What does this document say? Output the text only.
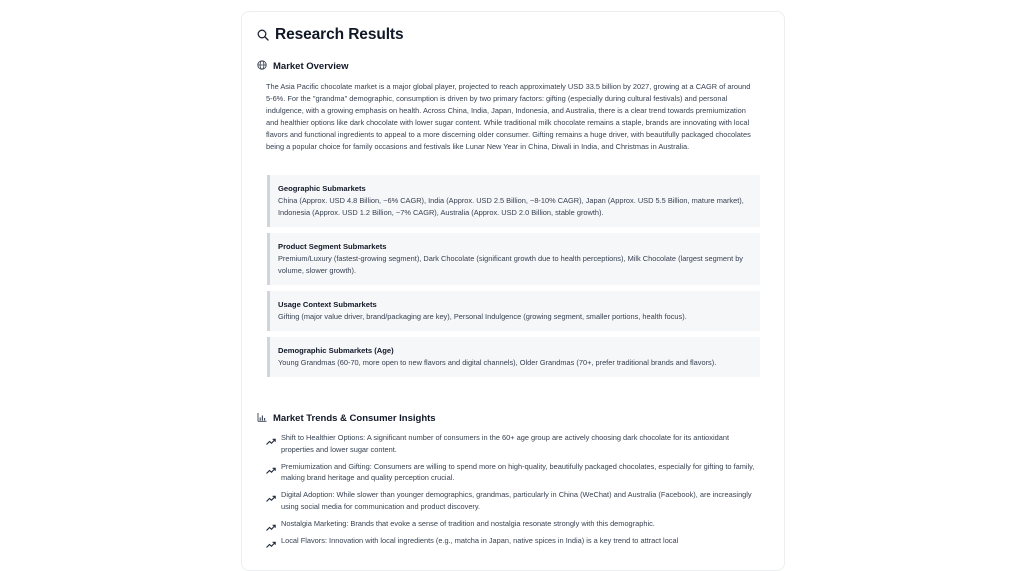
Research Results
Market Overview

The Asia Pacific chocolate market is a major global player, projected to reach approximately USD 33.5 billion by 2027, growing at a CAGR of around 5-6%. For the "grandma" demographic, consumption is driven by two primary factors: gifting (especially during cultural festivals) and personal indulgence, with a growing emphasis on health. Across China, India, Japan, Indonesia, and Australia, there is a clear trend towards premiumization and healthier options like dark chocolate with lower sugar content. While traditional milk chocolate remains a staple, brands are innovating with local flavors and functional ingredients to appeal to a more discerning older consumer. Gifting remains a huge driver, with beautifully packaged chocolates being a popular choice for family occasions and festivals like Lunar New Year in China, Diwali in India, and Christmas in Australia.

Geographic Submarkets
China (Approx. USD 4.8 Billion, ~6% CAGR), India (Approx. USD 2.5 Billion, ~8-10% CAGR), Japan (Approx. USD 5.5 Billion, mature market), Indonesia (Approx. USD 1.2 Billion, ~7% CAGR), Australia (Approx. USD 2.0 Billion, stable growth).
Product Segment Submarkets
Premium/Luxury (fastest-growing segment), Dark Chocolate (significant growth due to health perceptions), Milk Chocolate (largest segment by volume, slower growth).
Usage Context Submarkets
Gifting (major value driver, brand/packaging are key), Personal Indulgence (growing segment, smaller portions, health focus).
Demographic Submarkets (Age)
Young Grandmas (60-70, more open to new flavors and digital channels), Older Grandmas (70+, prefer traditional brands and flavors).
Market Trends & Consumer Insights
Shift to Healthier Options: A significant number of consumers in the 60+ age group are actively choosing dark chocolate for its antioxidant properties and lower sugar content.
Premiumization and Gifting: Consumers are willing to spend more on high-quality, beautifully packaged chocolates, especially for gifting to family, making brand heritage and quality perception crucial.
Digital Adoption: While slower than younger demographics, grandmas, particularly in China (WeChat) and Australia (Facebook), are increasingly using social media for communication and product discovery.
Nostalgia Marketing: Brands that evoke a sense of tradition and nostalgia resonate strongly with this demographic.
Local Flavors: Innovation with local ingredients (e.g., matcha in Japan, native spices in India) is a key trend to attract local
